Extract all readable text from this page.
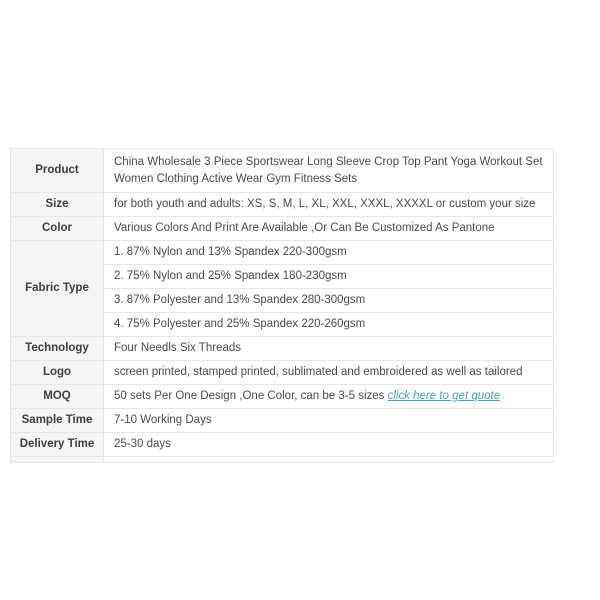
Product	China Wholesale 3 Piece Sportswear Long Sleeve Crop Top Pant Yoga Workout Set Women Clothing Active Wear Gym Fitness Sets
Size	for both youth and adults: XS, S, M, L, XL, XXL, XXXL, XXXXL or custom your size
Color	Various Colors And Print Are Available ,Or Can Be Customized As Pantone
Fabric Type	1. 87% Nylon and 13% Spandex 220-300gsm
	2. 75% Nylon and 25% Spandex 180-230gsm
	3. 87% Polyester and 13% Spandex 280-300gsm
	4. 75% Polyester and 25% Spandex 220-260gsm
Technology	Four Needls Six Threads
Logo	screen printed, stamped printed, sublimated and embroidered as well as tailored
MOQ	50 sets Per One Design ,One Color, can be 3-5 sizes click here to get quote
Sample Time	7-10 Working Days
Delivery Time	25-30 days
